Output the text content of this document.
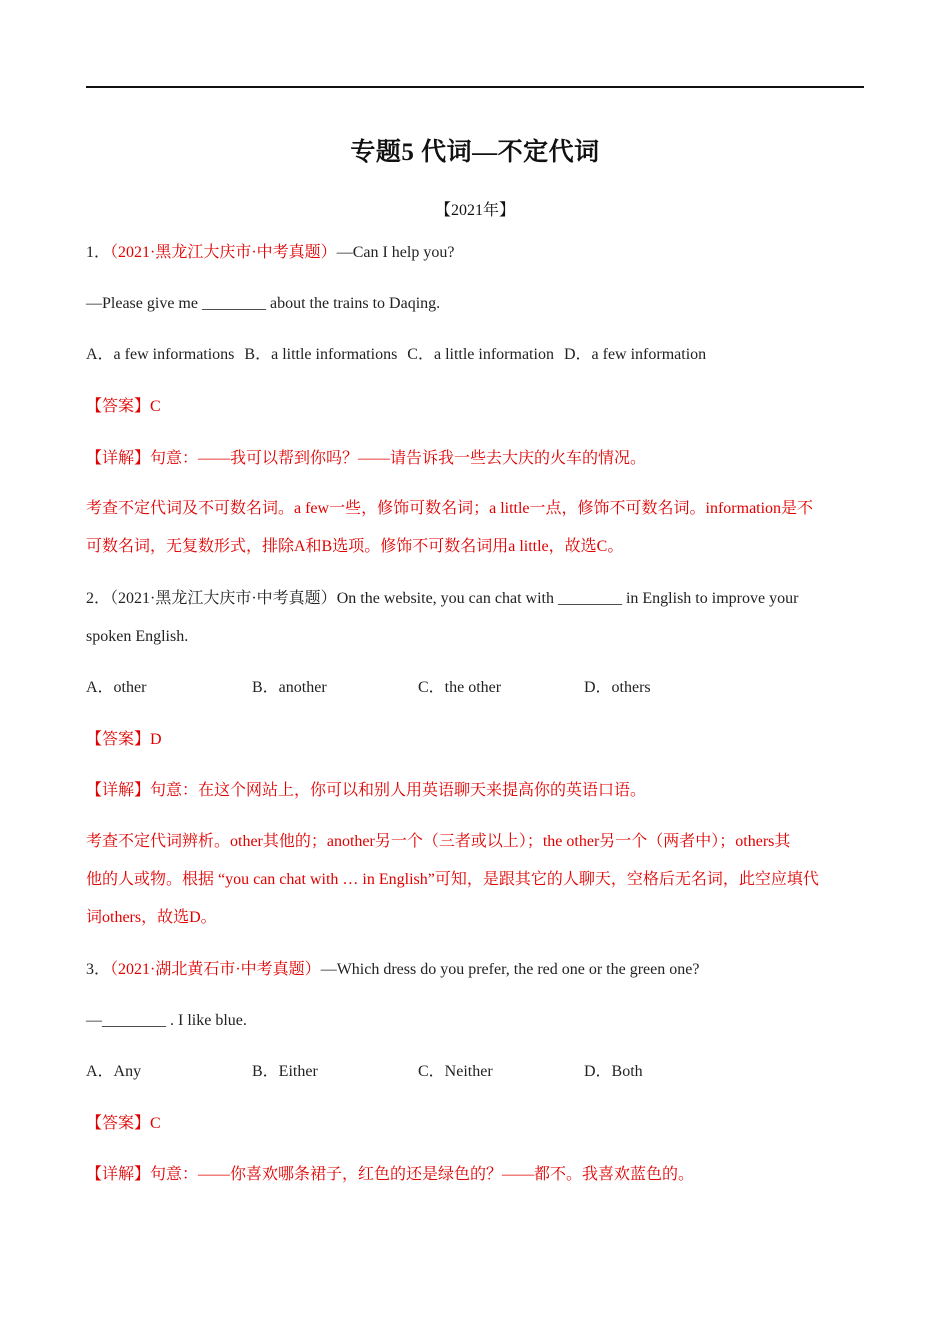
专题5 代词—不定代词
【2021年】
1．（2021·黑龙江大庆市·中考真题）—Can I help you?
—Please give me ________ about the trains to Daqing.
A．a few informations B．a little informations C．a little information D．a few information
【答案】C
【详解】句意：——我可以帮到你吗？——请告诉我一些去大庆的火车的情况。
考查不定代词及不可数名词。a few一些，修饰可数名词；a little一点，修饰不可数名词。information是不
可数名词，无复数形式，排除A和B选项。修饰不可数名词用a little，故选C。
2．（2021·黑龙江大庆市·中考真题）On the website, you can chat with ________ in English to improve your
spoken English.
A．other	B．another	C．the other	D．others
【答案】D
【详解】句意：在这个网站上，你可以和别人用英语聊天来提高你的英语口语。
考查不定代词辨析。other其他的；another另一个（三者或以上）；the other另一个（两者中）；others其
他的人或物。根据 “you can chat with … in English”可知，是跟其它的人聊天，空格后无名词，此空应填代
词others，故选D。
3．（2021·湖北黄石市·中考真题）—Which dress do you prefer, the red one or the green one?
—________ . I like blue.
A．Any	B．Either	C．Neither	D．Both
【答案】C
【详解】句意：——你喜欢哪条裙子，红色的还是绿色的？——都不。我喜欢蓝色的。
